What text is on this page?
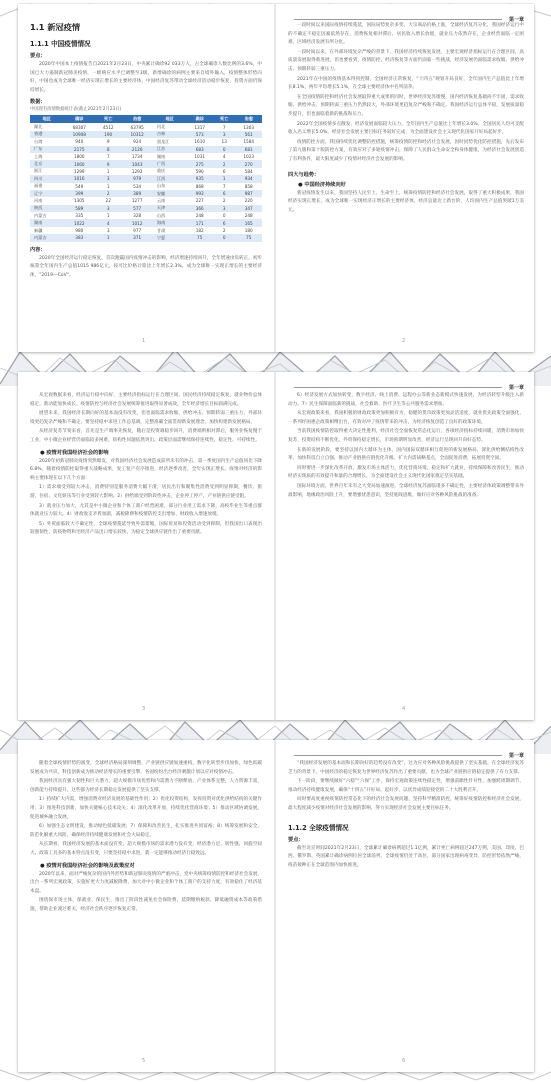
1.1 新冠疫情
1.1.1 中国疫情情况
要点：

2020年中国本土疫情报告自2021年2月23日，中央累计确诊92 033万人，占全球确诊人数比例的3.6%，中国已大力遏制新冠肺炎疫情，一级响应水平已调整至3级，新增确诊的病例主要来自境外输入，疫情整体形势向好，中国也成为全球唯一经济实现正增长的主要经济体，中国经济复苏带动全球经济活动稳步恢复，投资方面仍保持增长。

数据：
中国现有疫情数据统计表(截止2021年2月23日)
地区	确诊	死亡	治愈	地区	确诊	死亡	治愈
湖北	68307	4512	63795	河北	1317	7	1303
香港	10908	190	10312	吉林	573	3	561
台湾	940	9	924	黑龙江	1610	13	1584
广东	2175	8	2126	江苏	683	0	681
上海	1800	7	1734	湖南	1031	4	1023
北京	1060	9	1043	广西	275	2	270
浙江	1299	1	1292	重庆	590	6	584
四川	1016	3	979	江西	935	1	934
福建	549	1	534	山东	868	7	858
辽宁	399	2	389	安徽	993	6	987
河南	1305	22	1277	云南	227	2	220
陕西	589	3	577	天津	366	3	347
内蒙古	335	1	328	山西	248	0	248
湖南	1022	4	1012	海南	171	6	165
新疆	980	3	977	甘肃	182	2	180
内蒙古	383	1	371	宁夏	75	0	75
内容：

2020年全国经济运行稳定恢复，首次跑赢国内疫情冲击的影响，经济增速持续回升，全年增速由负转正，初步核算全年国内生产总值1015 986亿元，按可比价格计算比上年增长2.3%，成为全球唯一实现正增长的主要经济体，"2019—CoV"。

1
第一章

一段时间以来国际疫情持续蔓延，国际局势复杂多变，大宗商品价格上涨，全球经济复苏分化，我国经济运行中的不确定不稳定因素依然存在，消费恢复相对滞后，居民收入增长放缓，就业压力依然存在，企业经营面临一定困难，区域经济发展有所分化。

一段时间以来，在外部环境复杂严峻的背景下，我国经济持续恢复发展，主要宏观经济指标运行在合理区间，高质量发展取得新进展，但也要看到，疫情防控、经济恢复等方面仍面临一些挑战，经济发展仍面临需求收缩、供给冲击、预期转弱三重压力。

2021年在中国的疫情基本得到控制，全国经济正常恢复，“十四五”规划开局良好，全年国内生产总值比上年增长8.1%，两年平均增长5.1%，在全球主要经济体中名列前茅。

在全国疫情防控和经济社会发展取得重大成果的同时，世界经济复苏缓慢，国内经济恢复基础尚不牢固，需求收缩、供给冲击、预期转弱三重压力仍然较大，外部环境更趋复杂严峻和不确定。我国经济运行总体平稳，发展质量稳步提升，但也面临着新的挑战和压力。

2022年全国疫情多点散发，经济发展面临较大压力，全年国内生产总值比上年增长3.0%，全国居民人均可支配收入名义增长5.0%，经济社会发展主要目标任务较好完成，为全面建设社会主义现代化国家开好局起好步。

疫情防控方面，我国持续优化调整防控措施，统筹疫情防控和经济社会发展，因时因势优化防控措施，先后发布了第九版和第十版防控方案，有效应对了多轮疫情冲击，保障了人民群众生命安全和身体健康，为经济社会发展创造了有利条件，最大限度减少了疫情对经济社会发展的影响。

四大与趋势：
● 中国经济持续向好

新冠疫情发生以来，我国坚持人民至上、生命至上，统筹疫情防控和经济社会发展，取得了重大积极成果，我国经济实现正增长，成为全球唯一实现经济正增长的主要经济体，经济总量迈上新台阶，人均国内生产总值突破1万美元。

2

从宏观数据来看，经济运行稳中向好，主要经济指标运行在合理区间，国民经济持续稳定恢复，就业物价总体稳定，新动能加快成长。疫情防控与经济社会发展统筹推进取得显著成效，全年经济增长目标圆满完成。

展望未来，我国经济长期向好的基本面没有改变，但也面临需求收缩、供给冲击、预期转弱三重压力，外部环境更趋复杂严峻和不确定，要坚持稳中求进工作总基调，完整准确全面贯彻新发展理念，加快构建新发展格局。

从经济复苏节奏来看，首先是生产端率先恢复，随后是投资端稳步回升，消费端则相对滞后，服务业恢复慢于工业，中小微企业经营仍面临较多困难，结构性问题依然突出。政策层面需继续保持连续性、稳定性、可持续性。

● 疫情对我国经济社会的影响

2020年初新冠肺炎疫情突然爆发，对我国经济社会发展造成前所未有的冲击，第一季度国内生产总值同比下降6.8%，随着疫情防控取得重大战略成果，复工复产有序推进，经济逐季改善，全年实现正增长。疫情对经济的影响主要体现在以下几个方面：

1）需求端受到较大冲击，消费特别是服务消费大幅下滑，居民出行和聚集性消费受到明显抑制，餐饮、旅游、住宿、文化娱乐等行业受到较大影响。2）供给端受到阶段性冲击，企业停工停产，产业链供应链受阻。

3）就业压力加大，尤其是中小微企业和个体工商户经营困难，部分行业用工需求下降，高校毕业生等重点群体就业压力较大。4）财政收支矛盾加剧，减税降费和疫情防控支出增加，财政收入增速放缓。

5）外贸面临较大不确定性，全球疫情蔓延导致外需萎缩，国际贸易和投资活动受到抑制，但我国出口表现出较强韧性，防疫物资和宅经济产品出口增长较快，为稳定全球供应链作出了重要贡献。

3
第一章

6）经济发展方式加快转变，数字经济、线上消费、远程办公等新业态新模式快速发展，为经济转型升级注入新动力。7）民生保障面临新的挑战，社会救助、医疗卫生等公共服务需求增加。

从宏观政策来看，我国积极的财政政策更加积极有为，稳健的货币政策更加灵活适度，就业优先政策全面强化，一系列纾困惠企政策相继出台，有效对冲了疫情带来的冲击，为经济恢复创造了良好的政策环境。

当前我国疫情防控取得重大决定性胜利，经济社会全面恢复常态化运行，各项经济指标持续回暖，消费市场加快复苏，投资结构不断优化，外贸保持稳定增长，市场预期明显改善，经济运行呈现回升向好态势。

在新的发展阶段，要坚持以国内大循环为主体、国内国际双循环相互促进的新发展格局，深化供给侧结构性改革，加快科技自立自强，推动产业链供应链优化升级，扩大内需战略基点，全面促进消费，拓展投资空间。

同时要进一步深化改革开放，激发市场主体活力，优化营商环境，稳定和扩大就业，持续保障和改善民生，推动经济实现质的有效提升和量的合理增长，为全面建设社会主义现代化国家奠定坚实基础。

国际环境方面，世界百年未有之大变局加速演进，全球经济复苏面临诸多不确定性，主要经济体政策调整带来外溢影响，地缘政治风险上升，要增强忧患意识，坚持底线思维，做好应对各种风险挑战的准备。

4

随着全球疫情形势的演变，全球经济格局深刻调整，产业链供应链加速重构，数字化转型步伐加快，绿色低碳发展成为共识，科技创新成为推动经济增长的重要引擎，各国纷纷出台经济刺激计划以应对疫情冲击。

我国经济具有强大韧性和巨大潜力，超大规模市场优势和内需潜力不断释放，产业体系完整，人力资源丰富，创新能力持续提升，这些都为经济长期稳定发展提供了坚实支撑。

1）持续扩大内需，增强消费对经济发展的基础性作用；2）优化投资结构，发挥投资对优化供给结构的关键作用；3）推进科技创新，加快关键核心技术攻关；4）深化改革开放，持续优化营商环境；5）推动区域协调发展，促进城乡融合发展。

6）加强生态文明建设，推动绿色低碳发展；7）保障和改善民生，扎实推进共同富裕；8）统筹发展和安全，防范化解重大风险，确保经济持续健康发展和社会大局稳定。

从长期看，我国经济发展的基本面没有变，超大规模市场的需求潜力没有变，经济潜力足、韧性强、回旋空间大、政策工具多的基本特点没有变，只要坚持稳中求进，就一定能够推动经济行稳致远。

● 疫情对我国经济社会的影响及政策应对

2020年以来，面对严峻复杂的国内外形势和新冠肺炎疫情的严重冲击，党中央统筹疫情防控和经济社会发展，出台一系列宏观政策，实施好更大力度减税降费，加大对中小微企业和个体工商户的支持力度，有效稳住了经济基本盘。

围绕保市场主体、保就业、保民生，推出了阶段性减免社会保险费、延期缴纳税款、降低融资成本等政策措施，帮助企业渡过难关，经济社会秩序逐步恢复正常。

5
第一章

“我国经济发展的基本面和长期向好的趋势没有改变”，这为应对各种风险挑战提供了坚实基础。在全球经济复苏乏力的背景下，中国经济的稳定恢复为世界经济复苏作出了重要贡献，也为全球产业链供应链稳定提供了有力支撑。

下一阶段，要继续做好“六稳”“六保”工作，保持宏观政策连续性稳定性，增强前瞻性针对性，加强跨周期调节，推动经济持续健康发展，确保“十四五”开好局、起好步，以优异成绩迎接党的二十大胜利召开。

同时要高度重视疫情防控常态化下的经济社会发展问题，坚持科学精准防控，统筹好疫情防控和经济社会发展，最大程度减少疫情对经济社会发展的影响，努力实现经济社会发展主要目标任务。

1.1.2 全球疫情情况
要点：

截至北京时间2021年2月23日，全球累计确诊病例超过1.1亿例，累计死亡病例超过247万例，美国、印度、巴西、俄罗斯、英国累计确诊病例位居全球前列，全球疫情仍处于高位，部分国家出现病毒变异，防控形势依然严峻，疫苗接种正在全球范围内加快推进。

6
